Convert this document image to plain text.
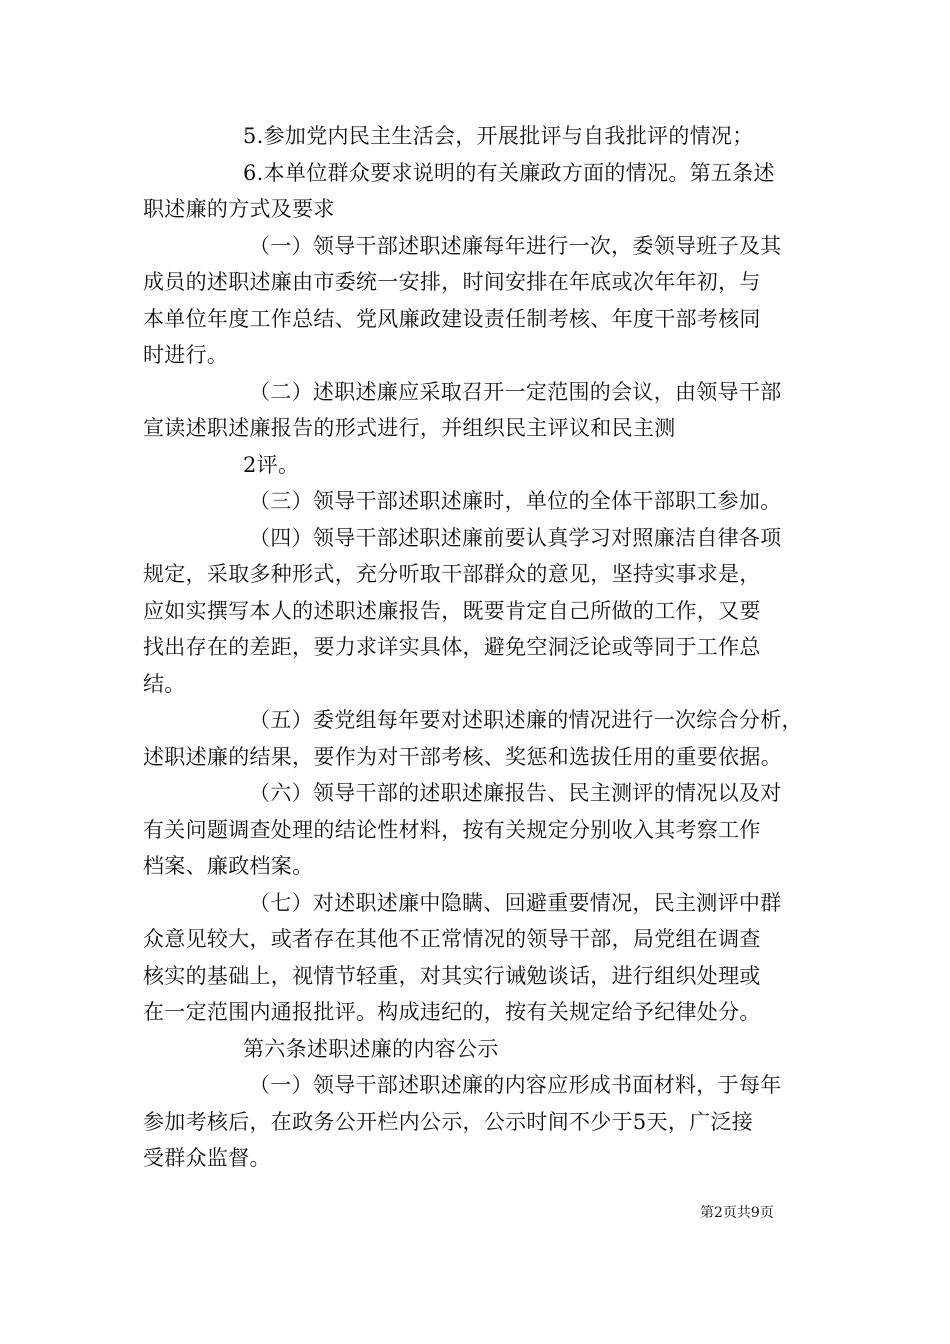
5.参加党内民主生活会，开展批评与自我批评的情况；
6.本单位群众要求说明的有关廉政方面的情况。第五条述
职述廉的方式及要求
（一）领导干部述职述廉每年进行一次，委领导班子及其
成员的述职述廉由市委统一安排，时间安排在年底或次年年初，与
本单位年度工作总结、党风廉政建设责任制考核、年度干部考核同
时进行。
（二）述职述廉应采取召开一定范围的会议，由领导干部
宣读述职述廉报告的形式进行，并组织民主评议和民主测
2评。
（三）领导干部述职述廉时，单位的全体干部职工参加。
（四）领导干部述职述廉前要认真学习对照廉洁自律各项
规定，采取多种形式，充分听取干部群众的意见，坚持实事求是，
应如实撰写本人的述职述廉报告，既要肯定自己所做的工作，又要
找出存在的差距，要力求详实具体，避免空洞泛论或等同于工作总
结。
（五）委党组每年要对述职述廉的情况进行一次综合分析，
述职述廉的结果，要作为对干部考核、奖惩和选拔任用的重要依据。
（六）领导干部的述职述廉报告、民主测评的情况以及对
有关问题调查处理的结论性材料，按有关规定分别收入其考察工作
档案、廉政档案。
（七）对述职述廉中隐瞒、回避重要情况，民主测评中群
众意见较大，或者存在其他不正常情况的领导干部，局党组在调查
核实的基础上，视情节轻重，对其实行诫勉谈话，进行组织处理或
在一定范围内通报批评。构成违纪的，按有关规定给予纪律处分。
第六条述职述廉的内容公示
（一）领导干部述职述廉的内容应形成书面材料，于每年
参加考核后，在政务公开栏内公示，公示时间不少于5天，广泛接
受群众监督。
第2页共9页
